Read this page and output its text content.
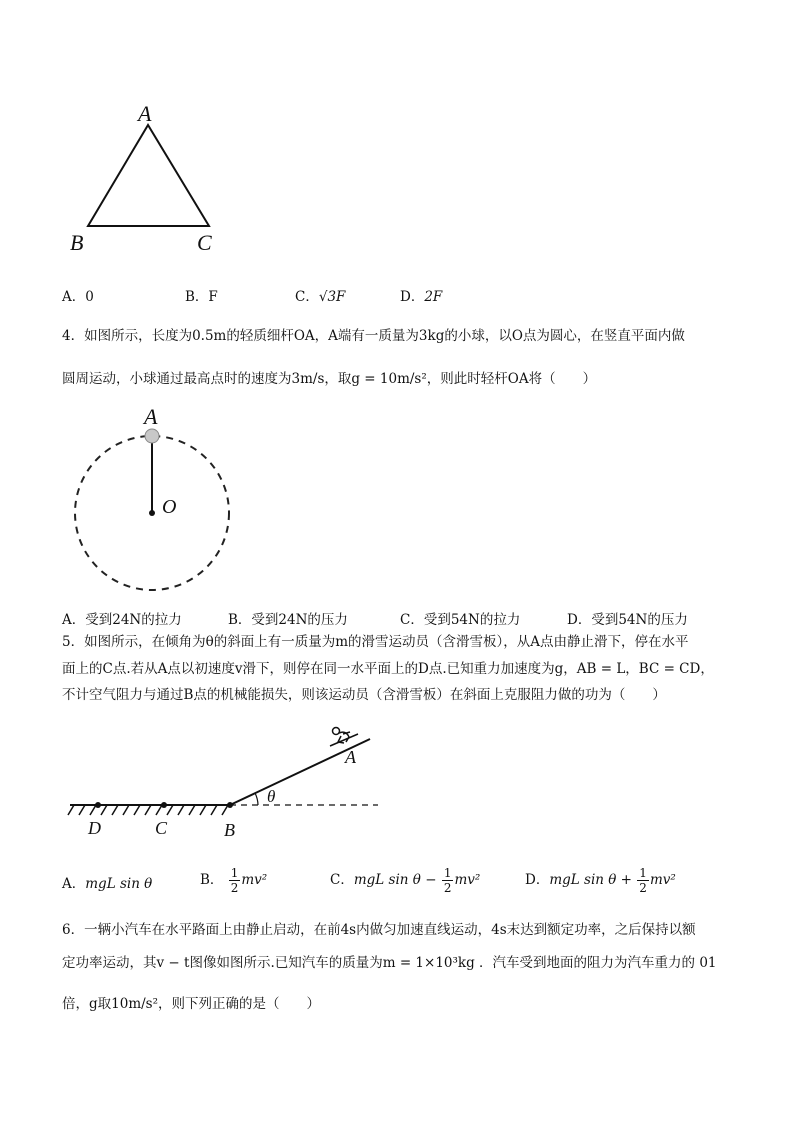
A
B	C
A．0	B．F	C．√3F	D．2F
4．如图所示，长度为0.5m的轻质细杆OA，A端有一质量为3kg的小球，以O点为圆心，在竖直平面内做
圆周运动，小球通过最高点时的速度为3m/s，取g = 10m/s²，则此时轻杆OA将（　　）
A
O
A．受到24N的拉力	B．受到24N的压力	C．受到54N的拉力	D．受到54N的压力
5．如图所示，在倾角为θ的斜面上有一质量为m的滑雪运动员（含滑雪板），从A点由静止滑下，停在水平
面上的C点.若从A点以初速度v滑下，则停在同一水平面上的D点.已知重力加速度为g，AB = L，BC = CD，
不计空气阻力与通过B点的机械能损失，则该运动员（含滑雪板）在斜面上克服阻力做的功为（　　）
A
θ
D	C	B
A．mgL sin θ	B． $\frac{1}{2} mv^2$	C．mgL $\sin \theta - \frac{1}{2} mv^2$	D．mgL $\sin \theta + \frac{1}{2} mv^2$
6．一辆小汽车在水平路面上由静止启动，在前4s内做匀加速直线运动，4s末达到额定功率，之后保持以额
定功率运动，其v − t图像如图所示.已知汽车的质量为m = 1×10³kg ．汽车受到地面的阻力为汽车重力的 01
倍，g取10m/s²，则下列正确的是（　　）
